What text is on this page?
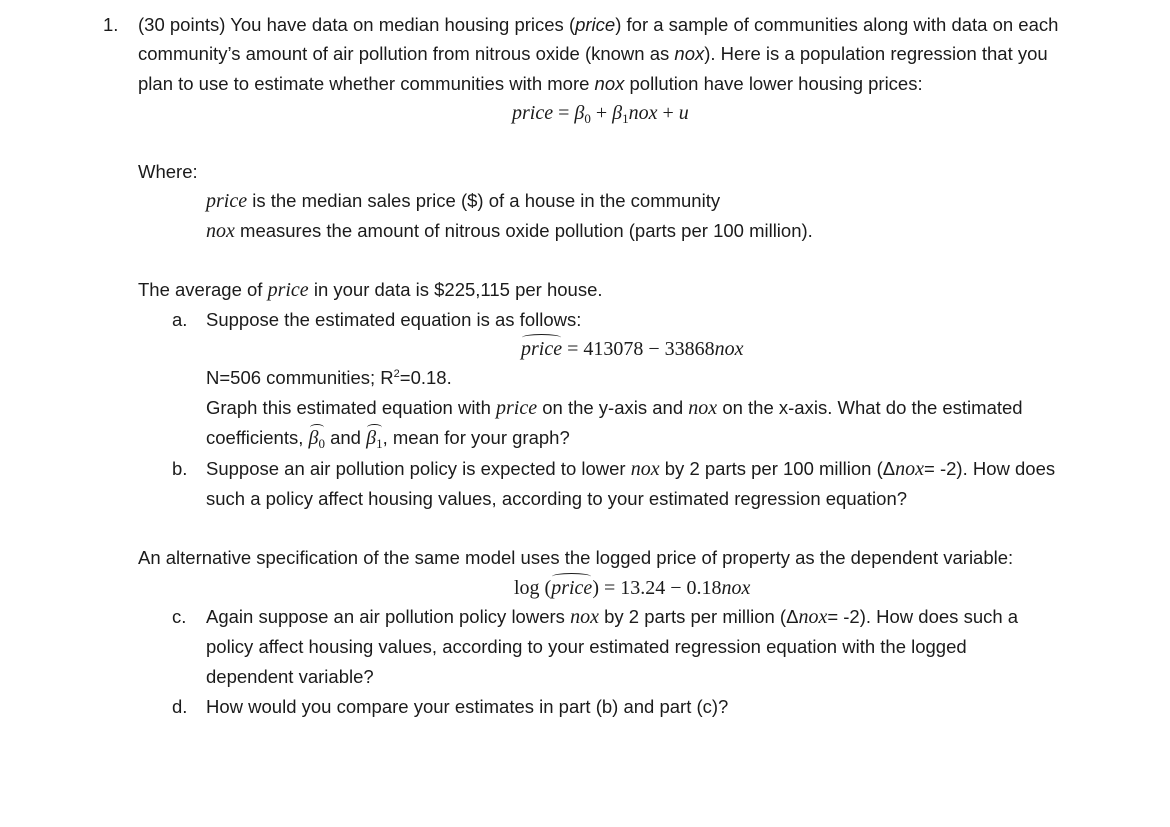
1. (30 points) You have data on median housing prices (price) for a sample of communities along with data on each
community’s amount of air pollution from nitrous oxide (known as nox). Here is a population regression that you
plan to use to estimate whether communities with more nox pollution have lower housing prices:
price = $\beta_0 + \beta_1nox + u$
Where:
price is the median sales price ($) of a house in the community
nox measures the amount of nitrous oxide pollution (parts per 100 million).
The average of price in your data is $225,115 per house.
a. Suppose the estimated equation is as follows:
price = 413078 − 33868nox
N=506 communities; $R^2=0.18$.
Graph this estimated equation with price on the y-axis and nox on the x-axis. What do the estimated
coefficients, $\beta_0$ and $\beta_1$, mean for your graph?
b. Suppose an air pollution policy is expected to lower nox by 2 parts per 100 million (Δnox= -2). How does
such a policy affect housing values, according to your estimated regression equation?
An alternative specification of the same model uses the logged price of property as the dependent variable:
log (price) = 13.24 − 0.18nox
c. Again suppose an air pollution policy lowers nox by 2 parts per million (Δnox= -2). How does such a
policy affect housing values, according to your estimated regression equation with the logged
dependent variable?
d. How would you compare your estimates in part (b) and part (c)?
